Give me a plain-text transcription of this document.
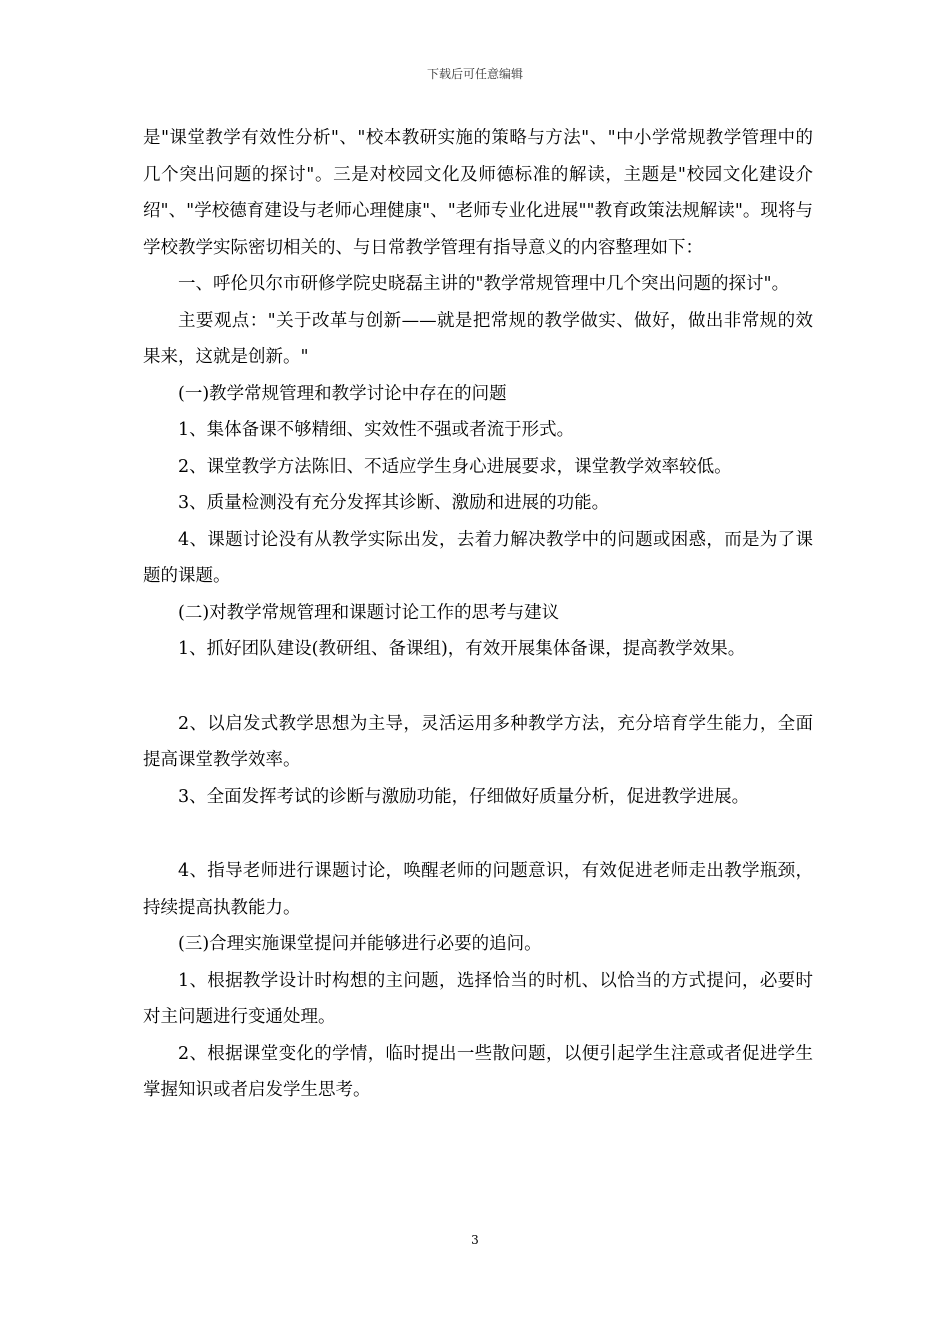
下载后可任意编辑

是"课堂教学有效性分析"、"校本教研实施的策略与方法"、"中小学常规教学管理中的几个突出问题的探讨"。三是对校园文化及师德标准的解读，主题是"校园文化建设介绍"、"学校德育建设与老师心理健康"、"老师专业化进展""教育政策法规解读"。现将与学校教学实际密切相关的、与日常教学管理有指导意义的内容整理如下：

一、呼伦贝尔市研修学院史晓磊主讲的"教学常规管理中几个突出问题的探讨"。

主要观点："关于改革与创新——就是把常规的教学做实、做好，做出非常规的效果来，这就是创新。"

(一)教学常规管理和教学讨论中存在的问题

1、集体备课不够精细、实效性不强或者流于形式。

2、课堂教学方法陈旧、不适应学生身心进展要求，课堂教学效率较低。

3、质量检测没有充分发挥其诊断、激励和进展的功能。

4、课题讨论没有从教学实际出发，去着力解决教学中的问题或困惑，而是为了课题的课题。

(二)对教学常规管理和课题讨论工作的思考与建议

1、抓好团队建设(教研组、备课组)，有效开展集体备课，提高教学效果。

2、以启发式教学思想为主导，灵活运用多种教学方法，充分培育学生能力，全面提高课堂教学效率。

3、全面发挥考试的诊断与激励功能，仔细做好质量分析，促进教学进展。

4、指导老师进行课题讨论，唤醒老师的问题意识，有效促进老师走出教学瓶颈，持续提高执教能力。

(三)合理实施课堂提问并能够进行必要的追问。

1、根据教学设计时构想的主问题，选择恰当的时机、以恰当的方式提问，必要时对主问题进行变通处理。

2、根据课堂变化的学情，临时提出一些散问题，以便引起学生注意或者促进学生掌握知识或者启发学生思考。

3
